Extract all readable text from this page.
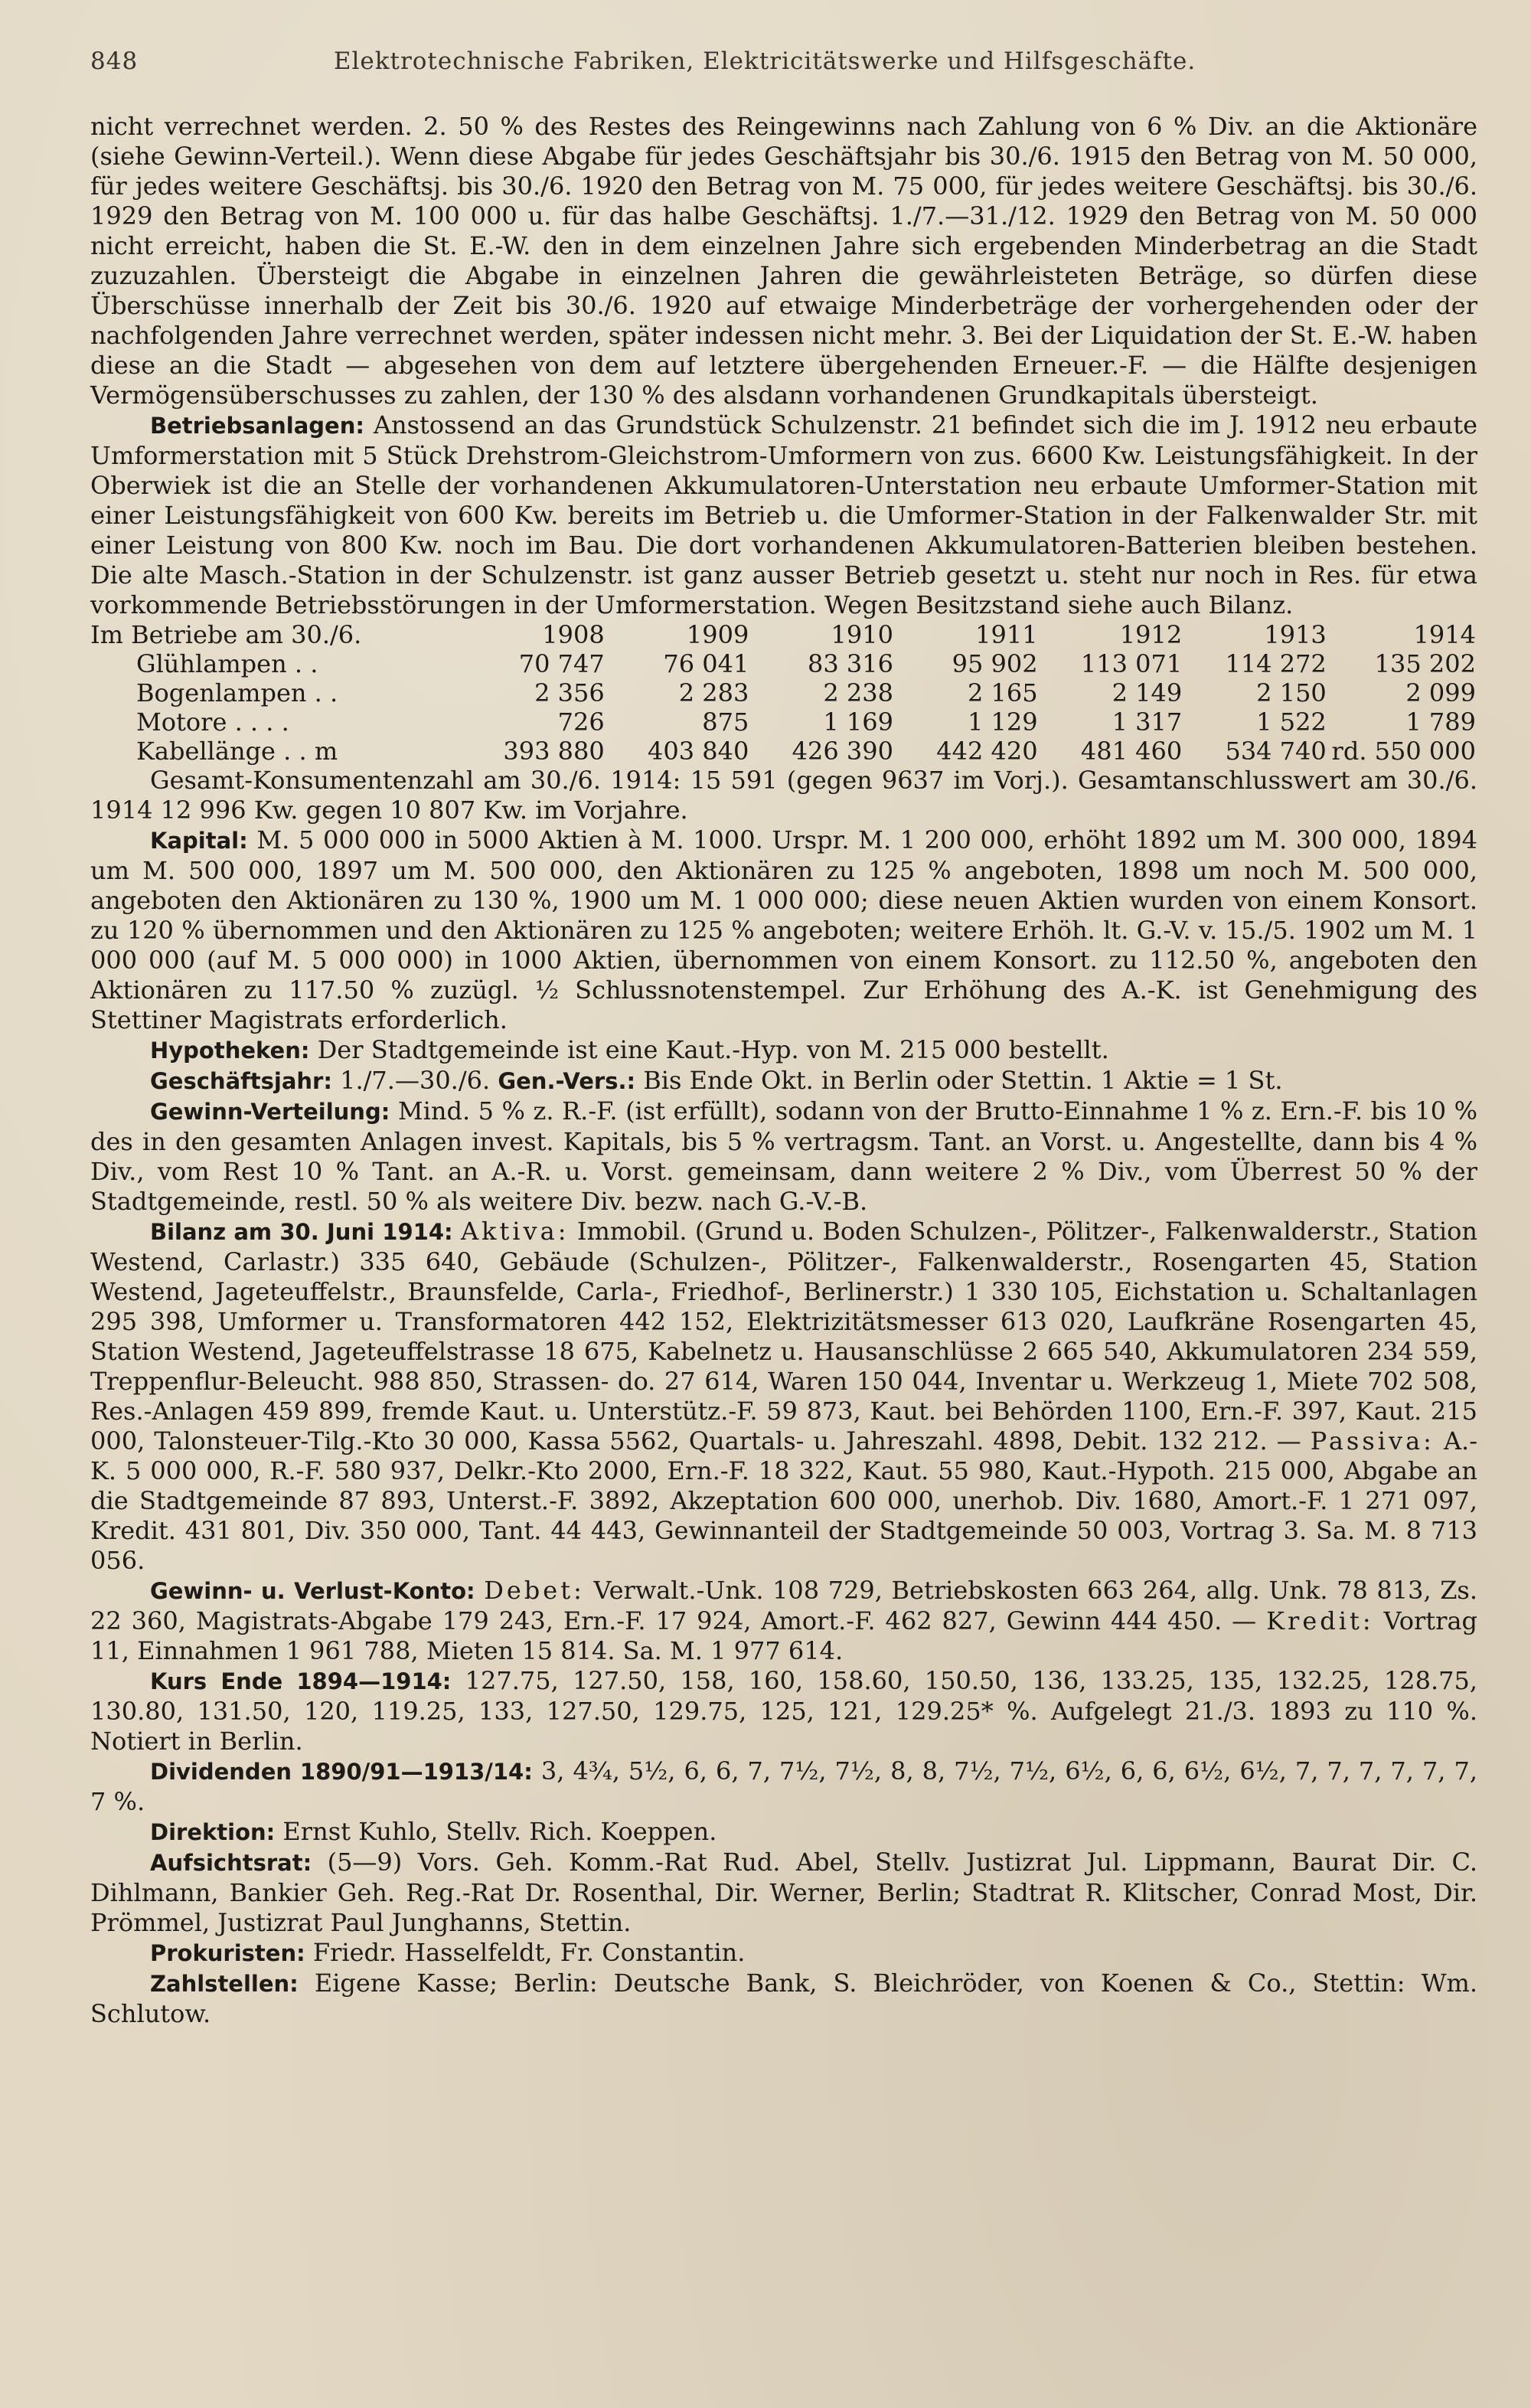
848	Elektrotechnische Fabriken, Elektricitätswerke und Hilfsgeschäfte.

nicht verrechnet werden. 2. 50 % des Restes des Reingewinns nach Zahlung von 6 % Div. an die Aktionäre (siehe Gewinn-Verteil.). Wenn diese Abgabe für jedes Geschäftsjahr bis 30./6. 1915 den Betrag von M. 50 000, für jedes weitere Geschäftsj. bis 30./6. 1920 den Betrag von M. 75 000, für jedes weitere Geschäftsj. bis 30./6. 1929 den Betrag von M. 100 000 u. für das halbe Geschäftsj. 1./7.—31./12. 1929 den Betrag von M. 50 000 nicht erreicht, haben die St. E.-W. den in dem einzelnen Jahre sich ergebenden Minderbetrag an die Stadt zuzuzahlen. Übersteigt die Abgabe in einzelnen Jahren die gewährleisteten Beträge, so dürfen diese Überschüsse innerhalb der Zeit bis 30./6. 1920 auf etwaige Minderbeträge der vorhergehenden oder der nachfolgenden Jahre verrechnet werden, später indessen nicht mehr. 3. Bei der Liquidation der St. E.-W. haben diese an die Stadt — abgesehen von dem auf letztere übergehenden Erneuer.-F. — die Hälfte desjenigen Vermögensüberschusses zu zahlen, der 130 % des alsdann vorhandenen Grundkapitals übersteigt.

Betriebsanlagen: Anstossend an das Grundstück Schulzenstr. 21 befindet sich die im J. 1912 neu erbaute Umformerstation mit 5 Stück Drehstrom-Gleichstrom-Umformern von zus. 6600 Kw. Leistungsfähigkeit. In der Oberwiek ist die an Stelle der vorhandenen Akkumulatoren-Unterstation neu erbaute Umformer-Station mit einer Leistungsfähigkeit von 600 Kw. bereits im Betrieb u. die Umformer-Station in der Falkenwalder Str. mit einer Leistung von 800 Kw. noch im Bau. Die dort vorhandenen Akkumulatoren-Batterien bleiben bestehen. Die alte Masch.-Station in der Schulzenstr. ist ganz ausser Betrieb gesetzt u. steht nur noch in Res. für etwa vorkommende Betriebsstörungen in der Umformerstation. Wegen Besitzstand siehe auch Bilanz.

Im Betriebe am 30./6.	1908	1909	1910	1911	1912	1913	1914
Glühlampen . .	70 747	76 041	83 316	95 902	113 071	114 272	135 202
Bogenlampen . .	2 356	2 283	2 238	2 165	2 149	2 150	2 099
Motore . . . .	726	875	1 169	1 129	1 317	1 522	1 789
Kabellänge . . m	393 880	403 840	426 390	442 420	481 460	534 740	rd. 550 000

Gesamt-Konsumentenzahl am 30./6. 1914: 15 591 (gegen 9637 im Vorj.). Gesamtanschlusswert am 30./6. 1914 12 996 Kw. gegen 10 807 Kw. im Vorjahre.

Kapital: M. 5 000 000 in 5000 Aktien à M. 1000. Urspr. M. 1 200 000, erhöht 1892 um M. 300 000, 1894 um M. 500 000, 1897 um M. 500 000, den Aktionären zu 125 % angeboten, 1898 um noch M. 500 000, angeboten den Aktionären zu 130 %, 1900 um M. 1 000 000; diese neuen Aktien wurden von einem Konsort. zu 120 % übernommen und den Aktionären zu 125 % angeboten; weitere Erhöh. lt. G.-V. v. 15./5. 1902 um M. 1 000 000 (auf M. 5 000 000) in 1000 Aktien, übernommen von einem Konsort. zu 112.50 %, angeboten den Aktionären zu 117.50 % zuzügl. ½ Schlussnotenstempel. Zur Erhöhung des A.-K. ist Genehmigung des Stettiner Magistrats erforderlich.

Hypotheken: Der Stadtgemeinde ist eine Kaut.-Hyp. von M. 215 000 bestellt.

Geschäftsjahr: 1./7.—30./6. Gen.-Vers.: Bis Ende Okt. in Berlin oder Stettin. 1 Aktie = 1 St.

Gewinn-Verteilung: Mind. 5 % z. R.-F. (ist erfüllt), sodann von der Brutto-Einnahme 1 % z. Ern.-F. bis 10 % des in den gesamten Anlagen invest. Kapitals, bis 5 % vertragsm. Tant. an Vorst. u. Angestellte, dann bis 4 % Div., vom Rest 10 % Tant. an A.-R. u. Vorst. gemeinsam, dann weitere 2 % Div., vom Überrest 50 % der Stadtgemeinde, restl. 50 % als weitere Div. bezw. nach G.-V.-B.

Bilanz am 30. Juni 1914: Aktiva: Immobil. (Grund u. Boden Schulzen-, Pölitzer-, Falkenwalderstr., Station Westend, Carlastr.) 335 640, Gebäude (Schulzen-, Pölitzer-, Falkenwalderstr., Rosengarten 45, Station Westend, Jageteuffelstr., Braunsfelde, Carla-, Friedhof-, Berlinerstr.) 1 330 105, Eichstation u. Schaltanlagen 295 398, Umformer u. Transformatoren 442 152, Elektrizitätsmesser 613 020, Laufkräne Rosengarten 45, Station Westend, Jageteuffelstrasse 18 675, Kabelnetz u. Hausanschlüsse 2 665 540, Akkumulatoren 234 559, Treppenflur-Beleucht. 988 850, Strassen- do. 27 614, Waren 150 044, Inventar u. Werkzeug 1, Miete 702 508, Res.-Anlagen 459 899, fremde Kaut. u. Unterstütz.-F. 59 873, Kaut. bei Behörden 1100, Ern.-F. 397, Kaut. 215 000, Talonsteuer-Tilg.-Kto 30 000, Kassa 5562, Quartals- u. Jahreszahl. 4898, Debit. 132 212. — Passiva: A.-K. 5 000 000, R.-F. 580 937, Delkr.-Kto 2000, Ern.-F. 18 322, Kaut. 55 980, Kaut.-Hypoth. 215 000, Abgabe an die Stadtgemeinde 87 893, Unterst.-F. 3892, Akzeptation 600 000, unerhob. Div. 1680, Amort.-F. 1 271 097, Kredit. 431 801, Div. 350 000, Tant. 44 443, Gewinnanteil der Stadtgemeinde 50 003, Vortrag 3. Sa. M. 8 713 056.

Gewinn- u. Verlust-Konto: Debet: Verwalt.-Unk. 108 729, Betriebskosten 663 264, allg. Unk. 78 813, Zs. 22 360, Magistrats-Abgabe 179 243, Ern.-F. 17 924, Amort.-F. 462 827, Gewinn 444 450. — Kredit: Vortrag 11, Einnahmen 1 961 788, Mieten 15 814. Sa. M. 1 977 614.

Kurs Ende 1894—1914: 127.75, 127.50, 158, 160, 158.60, 150.50, 136, 133.25, 135, 132.25, 128.75, 130.80, 131.50, 120, 119.25, 133, 127.50, 129.75, 125, 121, 129.25* %. Aufgelegt 21./3. 1893 zu 110 %. Notiert in Berlin.

Dividenden 1890/91—1913/14: 3, 4¾, 5½, 6, 6, 7, 7½, 7½, 8, 8, 7½, 7½, 6½, 6, 6, 6½, 6½, 7, 7, 7, 7, 7, 7, 7 %.

Direktion: Ernst Kuhlo, Stellv. Rich. Koeppen.

Aufsichtsrat: (5—9) Vors. Geh. Komm.-Rat Rud. Abel, Stellv. Justizrat Jul. Lippmann, Baurat Dir. C. Dihlmann, Bankier Geh. Reg.-Rat Dr. Rosenthal, Dir. Werner, Berlin; Stadtrat R. Klitscher, Conrad Most, Dir. Prömmel, Justizrat Paul Junghanns, Stettin.

Prokuristen: Friedr. Hasselfeldt, Fr. Constantin.

Zahlstellen: Eigene Kasse; Berlin: Deutsche Bank, S. Bleichröder, von Koenen & Co., Stettin: Wm. Schlutow.
